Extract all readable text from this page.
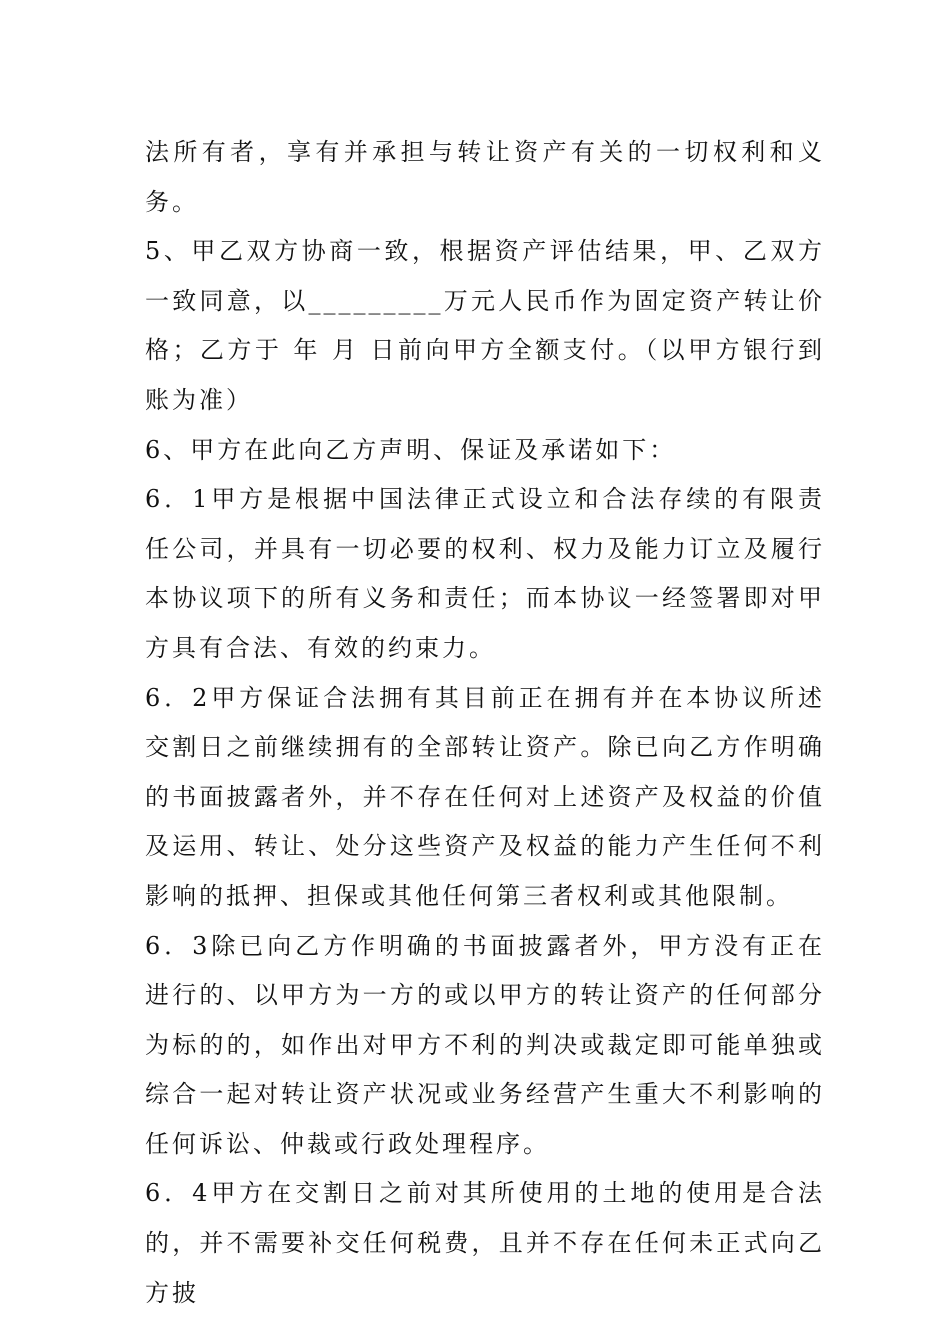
法所有者，享有并承担与转让资产有关的一切权利和义务。

5、甲乙双方协商一致，根据资产评估结果，甲、乙双方一致同意，以_________万元人民币作为固定资产转让价格；乙方于 年 月 日前向甲方全额支付。（以甲方银行到账为准）

6、甲方在此向乙方声明、保证及承诺如下：

6．1甲方是根据中国法律正式设立和合法存续的有限责任公司，并具有一切必要的权利、权力及能力订立及履行本协议项下的所有义务和责任；而本协议一经签署即对甲方具有合法、有效的约束力。

6．2甲方保证合法拥有其目前正在拥有并在本协议所述交割日之前继续拥有的全部转让资产。除已向乙方作明确的书面披露者外，并不存在任何对上述资产及权益的价值及运用、转让、处分这些资产及权益的能力产生任何不利影响的抵押、担保或其他任何第三者权利或其他限制。

6．3除已向乙方作明确的书面披露者外，甲方没有正在进行的、以甲方为一方的或以甲方的转让资产的任何部分为标的的，如作出对甲方不利的判决或裁定即可能单独或综合一起对转让资产状况或业务经营产生重大不利影响的任何诉讼、仲裁或行政处理程序。

6．4甲方在交割日之前对其所使用的土地的使用是合法的，并不需要补交任何税费，且并不存在任何未正式向乙方披
